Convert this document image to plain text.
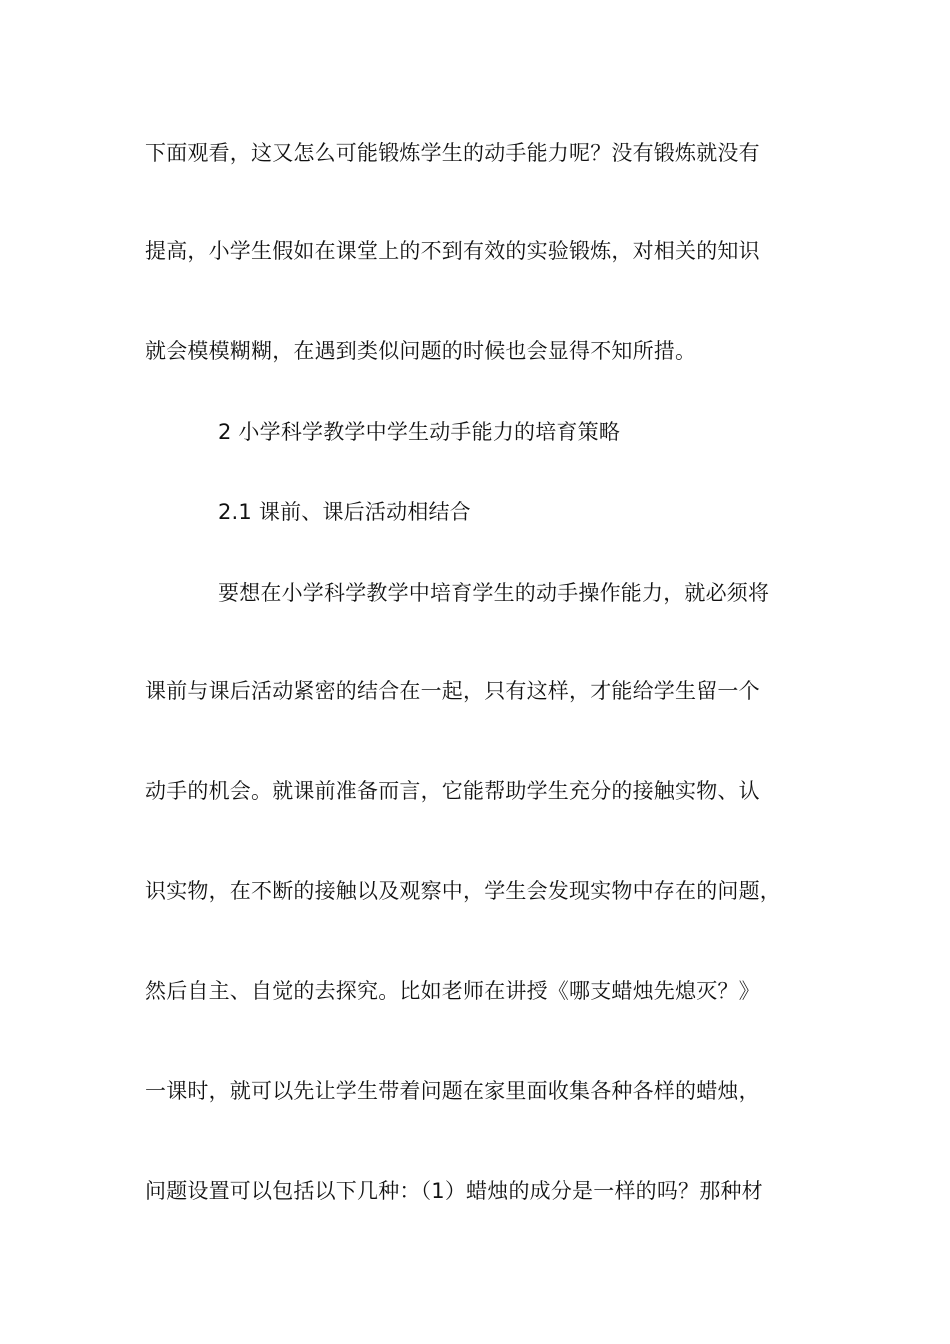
下面观看，这又怎么可能锻炼学生的动手能力呢？没有锻炼就没有
提高，小学生假如在课堂上的不到有效的实验锻炼，对相关的知识
就会模模糊糊，在遇到类似问题的时候也会显得不知所措。
2 小学科学教学中学生动手能力的培育策略
2.1 课前、课后活动相结合
要想在小学科学教学中培育学生的动手操作能力，就必须将
课前与课后活动紧密的结合在一起，只有这样，才能给学生留一个
动手的机会。就课前准备而言，它能帮助学生充分的接触实物、认
识实物，在不断的接触以及观察中，学生会发现实物中存在的问题，
然后自主、自觉的去探究。比如老师在讲授《哪支蜡烛先熄灭？》
一课时，就可以先让学生带着问题在家里面收集各种各样的蜡烛，
问题设置可以包括以下几种：（1）蜡烛的成分是一样的吗？那种材
